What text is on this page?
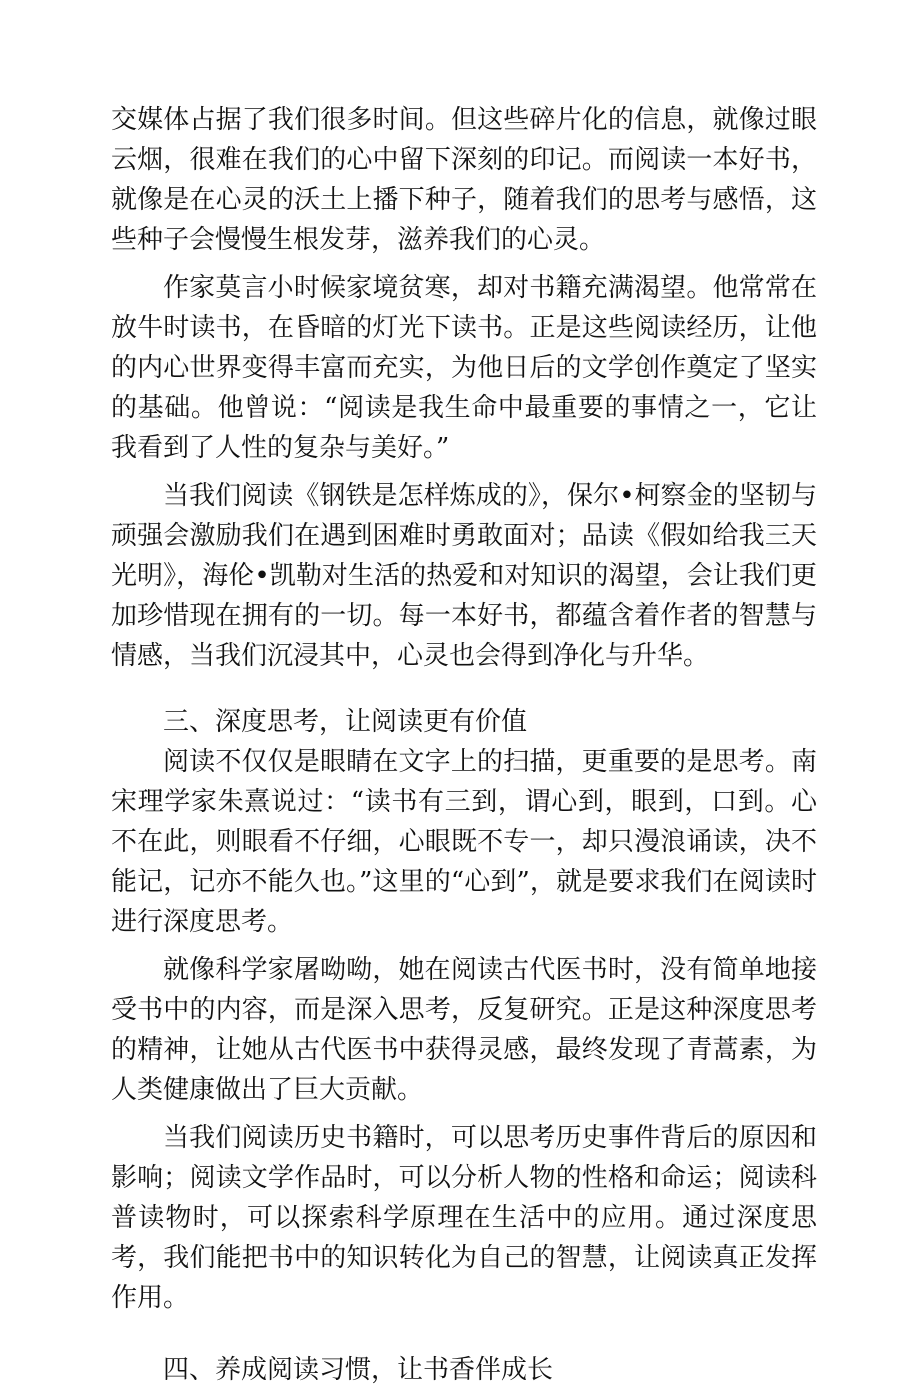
交媒体占据了我们很多时间。但这些碎片化的信息，就像过眼云烟，很难在我们的心中留下深刻的印记。而阅读一本好书，就像是在心灵的沃土上播下种子，随着我们的思考与感悟，这些种子会慢慢生根发芽，滋养我们的心灵。

作家莫言小时候家境贫寒，却对书籍充满渴望。他常常在放牛时读书，在昏暗的灯光下读书。正是这些阅读经历，让他的内心世界变得丰富而充实，为他日后的文学创作奠定了坚实的基础。他曾说：“阅读是我生命中最重要的事情之一，它让我看到了人性的复杂与美好。”

当我们阅读《钢铁是怎样炼成的》，保尔•柯察金的坚韧与顽强会激励我们在遇到困难时勇敢面对；品读《假如给我三天光明》，海伦•凯勒对生活的热爱和对知识的渴望，会让我们更加珍惜现在拥有的一切。每一本好书，都蕴含着作者的智慧与情感，当我们沉浸其中，心灵也会得到净化与升华。

三、深度思考，让阅读更有价值

阅读不仅仅是眼睛在文字上的扫描，更重要的是思考。南宋理学家朱熹说过：“读书有三到，谓心到，眼到，口到。心不在此，则眼看不仔细，心眼既不专一，却只漫浪诵读，决不能记，记亦不能久也。”这里的“心到”，就是要求我们在阅读时进行深度思考。

就像科学家屠呦呦，她在阅读古代医书时，没有简单地接受书中的内容，而是深入思考，反复研究。正是这种深度思考的精神，让她从古代医书中获得灵感，最终发现了青蒿素，为人类健康做出了巨大贡献。

当我们阅读历史书籍时，可以思考历史事件背后的原因和影响；阅读文学作品时，可以分析人物的性格和命运；阅读科普读物时，可以探索科学原理在生活中的应用。通过深度思考，我们能把书中的知识转化为自己的智慧，让阅读真正发挥作用。

四、养成阅读习惯，让书香伴成长
